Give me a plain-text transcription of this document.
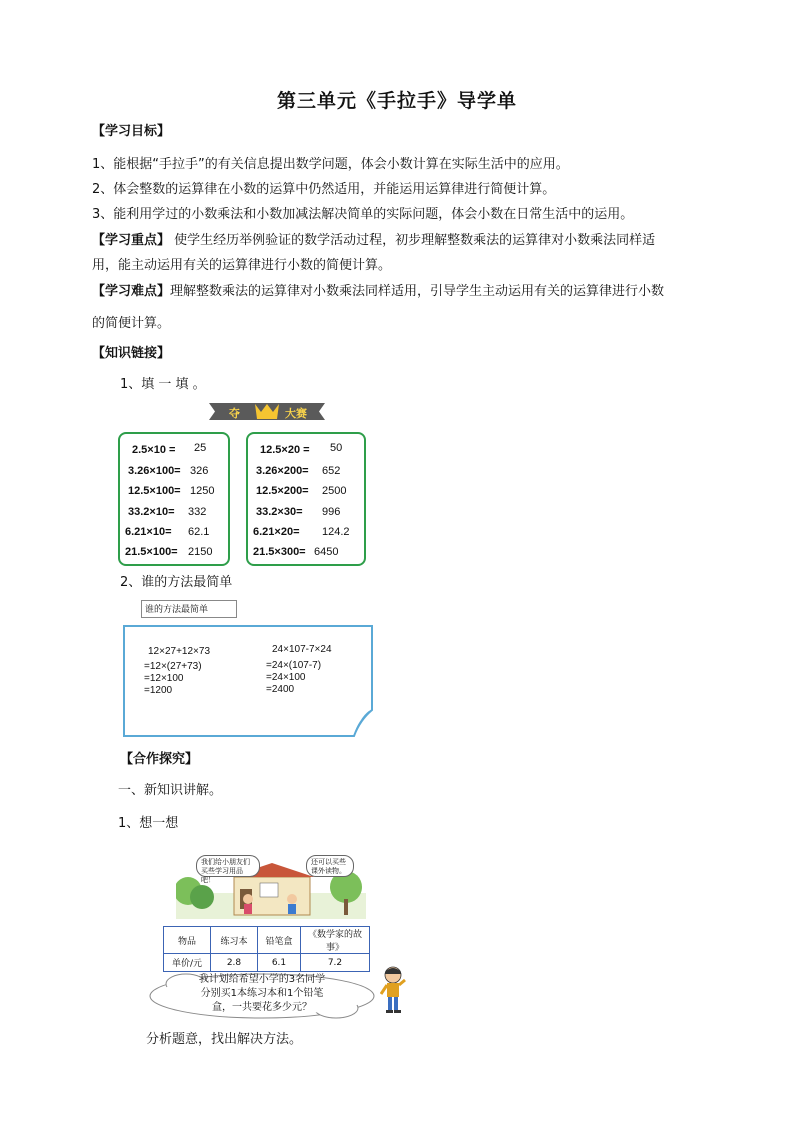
第三单元《手拉手》导学单
【学习目标】
1、能根据“手拉手”的有关信息提出数学问题，体会小数计算在实际生活中的应用。
2、体会整数的运算律在小数的运算中仍然适用，并能运用运算律进行简便计算。
3、能利用学过的小数乘法和小数加减法解决简单的实际问题，体会小数在日常生活中的运用。
【学习重点】 使学生经历举例验证的数学活动过程，初步理解整数乘法的运算律对小数乘法同样适
用，能主动运用有关的运算律进行小数的简便计算。
【学习难点】理解整数乘法的运算律对小数乘法同样适用，引导学生主动运用有关的运算律进行小数
的简便计算。
【知识链接】
1、填 一 填 。
夺	大赛
2.5×10 = 25
3.26×100= 326
12.5×100= 1250
33.2×10= 332
6.21×10= 62.1
21.5×100= 2150
12.5×20 = 50
3.26×200= 652
12.5×200= 2500
33.2×30= 996
6.21×20= 124.2
21.5×300= 6450
2、谁的方法最简单
谁的方法最简单
12×27+12×73
=12×(27+73)
=12×100
=1200
24×107-7×24
=24×(107-7)
=24×100
=2400
【合作探究】
一、新知识讲解。
1、想一想
我们给小朋友们买些学习用品吧！
还可以买些课外读物。
物品	练习本	铅笔盒	《数学家的故事》
单价/元	2.8	6.1	7.2
我计划给希望小学的3名同学
分别买1本练习本和1个铅笔
盒，一共要花多少元？
分析题意，找出解决方法。
